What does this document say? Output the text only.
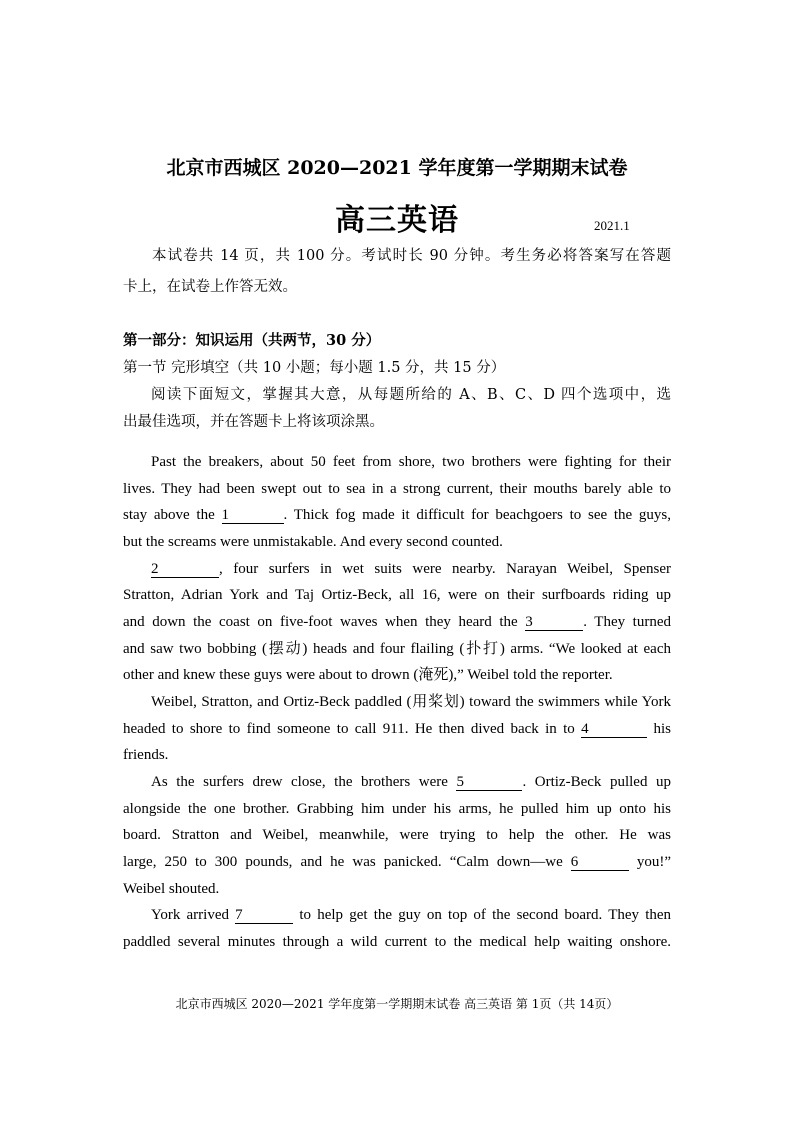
北京市西城区 2020—2021 学年度第一学期期末试卷
高三英语	2021.1
本试卷共 14 页，共 100 分。考试时长 90 分钟。考生务必将答案写在答题
卡上，在试卷上作答无效。
第一部分：知识运用（共两节，30 分）
第一节 完形填空（共 10 小题；每小题 1.5 分，共 15 分）
阅读下面短文，掌握其大意，从每题所给的 A、B、C、D 四个选项中，选
出最佳选项，并在答题卡上将该项涂黑。
Past the breakers, about 50 feet from shore, two brothers were fighting for their
lives. They had been swept out to sea in a strong current, their mouths barely able to
stay above the 1	. Thick fog made it difficult for beachgoers to see the guys,
but the screams were unmistakable. And every second counted.
2	, four surfers in wet suits were nearby. Narayan Weibel, Spenser
Stratton, Adrian York and Taj Ortiz-Beck, all 16, were on their surfboards riding up
and down the coast on five-foot waves when they heard the 3	. They turned
and saw two bobbing (摆动) heads and four flailing (扑打) arms. “We looked at each
other and knew these guys were about to drown (淹死),” Weibel told the reporter.
Weibel, Stratton, and Ortiz-Beck paddled (用桨划) toward the swimmers while York
headed to shore to find someone to call 911. He then dived back in to 4	his
friends.
As the surfers drew close, the brothers were 5	. Ortiz-Beck pulled up
alongside the one brother. Grabbing him under his arms, he pulled him up onto his
board. Stratton and Weibel, meanwhile, were trying to help the other. He was
large, 250 to 300 pounds, and he was panicked. “Calm down—we 6	you!”
Weibel shouted.
York arrived 7	to help get the guy on top of the second board. They then
paddled several minutes through a wild current to the medical help waiting onshore.
北京市西城区 2020—2021 学年度第一学期期末试卷 高三英语 第 1页（共 14页）
